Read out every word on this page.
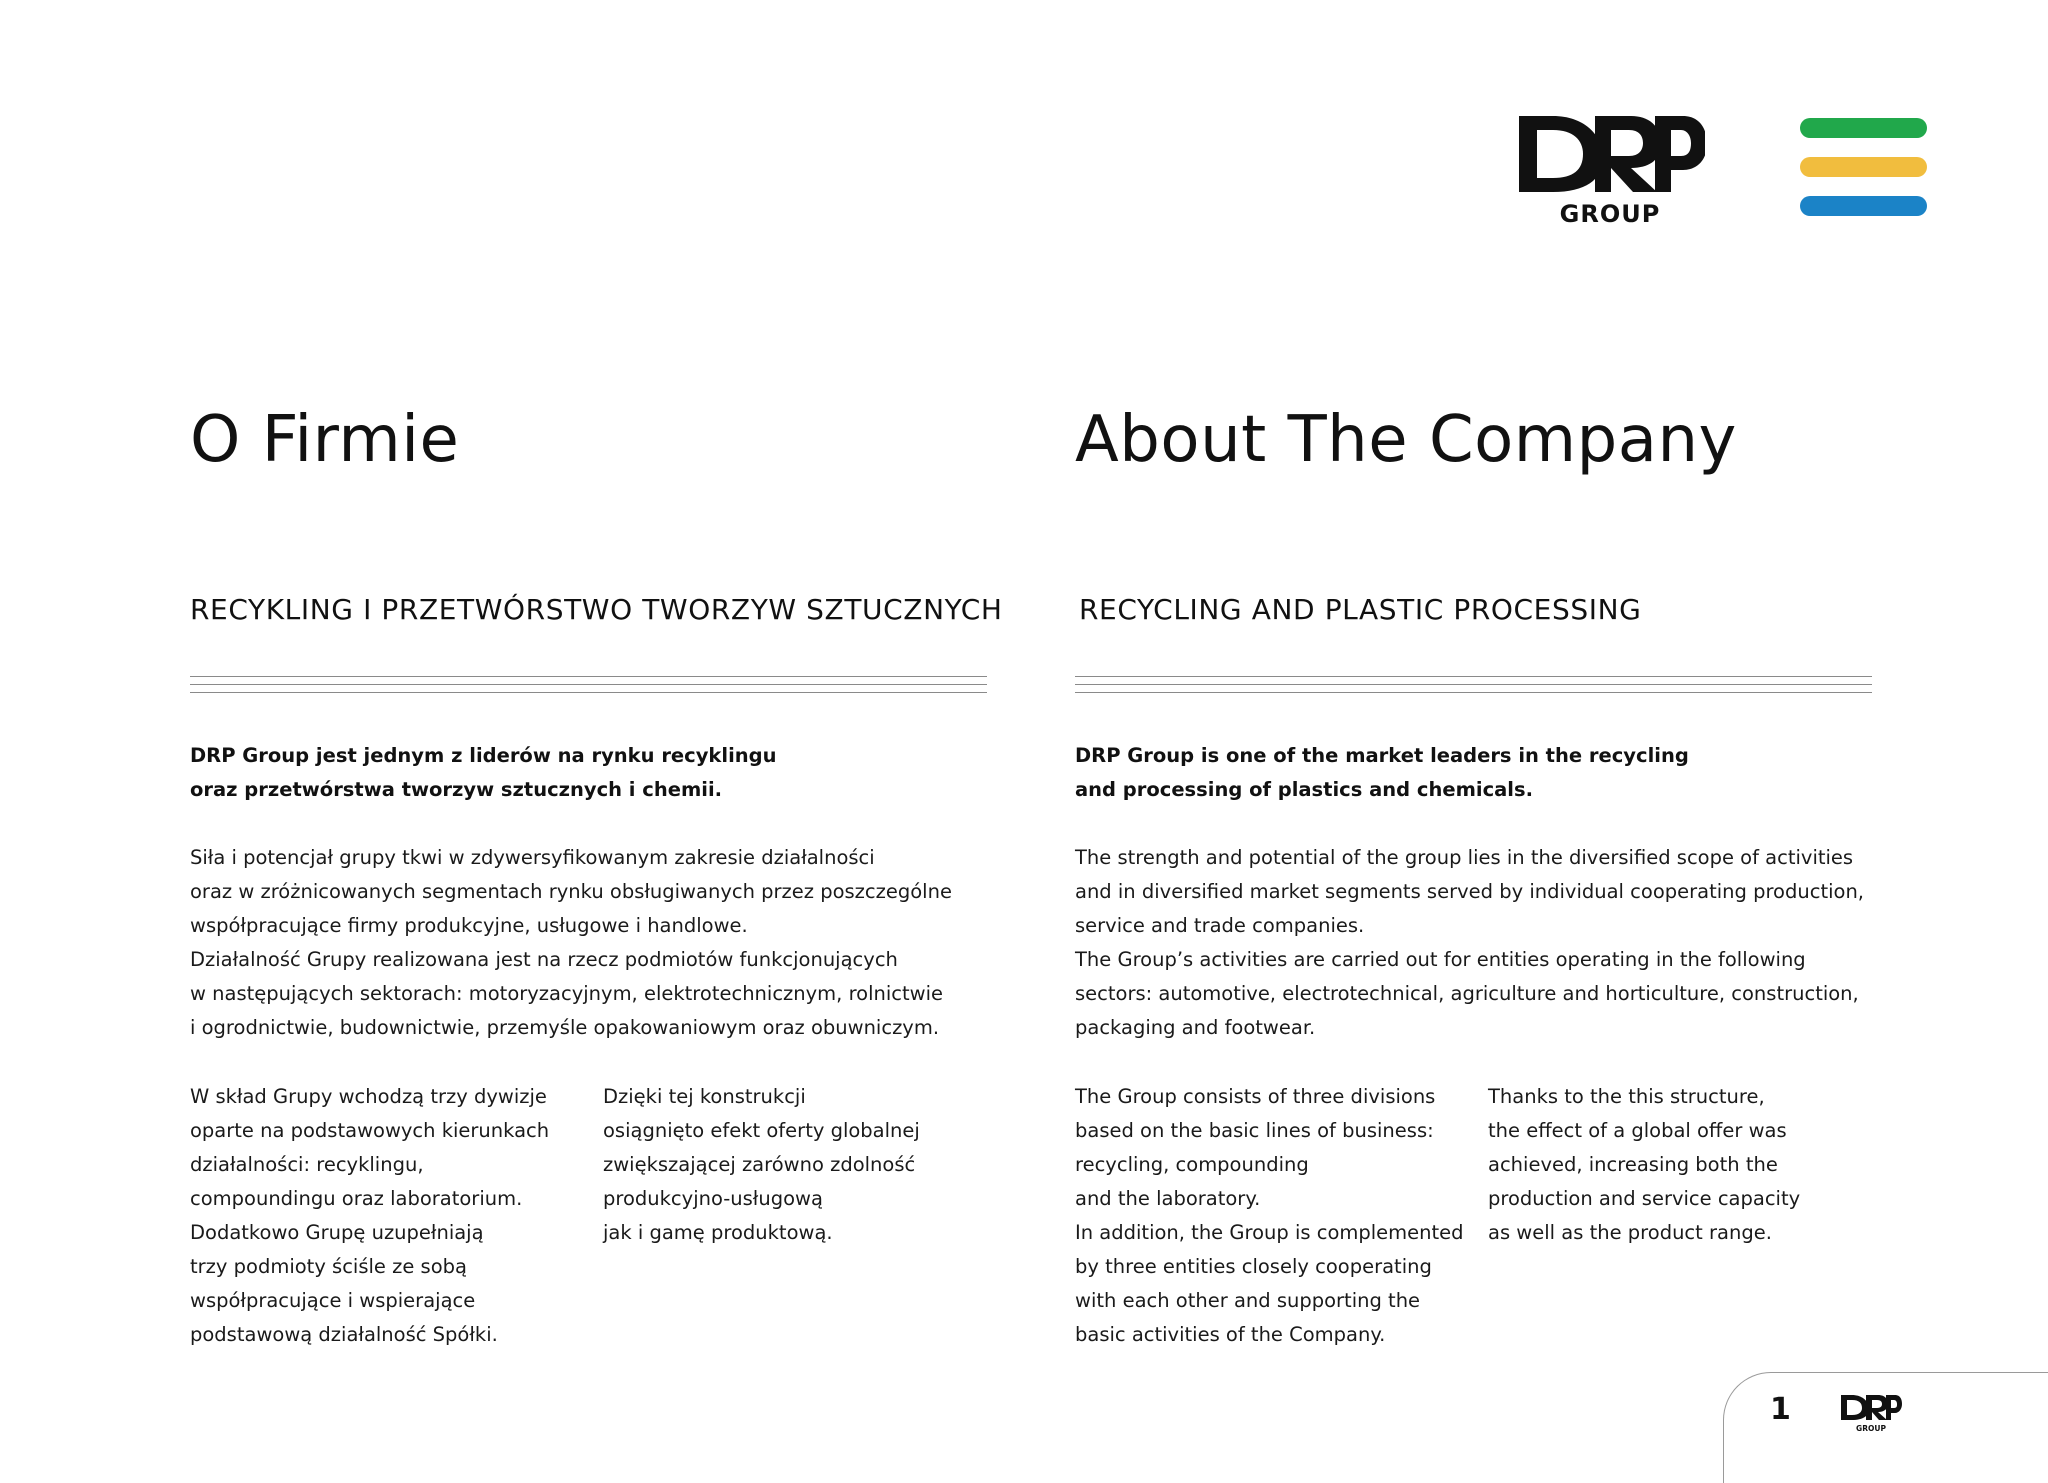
GROUP
O Firmie
RECYKLING I PRZETWÓRSTWO TWORZYW SZTUCZNYCH

DRP Group jest jednym z liderów na rynku recyklingu
oraz przetwórstwa tworzyw sztucznych i chemii.

Siła i potencjał grupy tkwi w zdywersyfikowanym zakresie działalności
oraz w zróżnicowanych segmentach rynku obsługiwanych przez poszczególne
współpracujące firmy produkcyjne, usługowe i handlowe.
Działalność Grupy realizowana jest na rzecz podmiotów funkcjonujących
w następujących sektorach: motoryzacyjnym, elektrotechnicznym, rolnictwie
i ogrodnictwie, budownictwie, przemyśle opakowaniowym oraz obuwniczym.

W skład Grupy wchodzą trzy dywizje
oparte na podstawowych kierunkach
działalności: recyklingu,
compoundingu oraz laboratorium.
Dodatkowo Grupę uzupełniają
trzy podmioty ściśle ze sobą
współpracujące i wspierające
podstawową działalność Spółki.

Dzięki tej konstrukcji
osiągnięto efekt oferty globalnej
zwiększającej zarówno zdolność
produkcyjno-usługową
jak i gamę produktową.

About The Company
RECYCLING AND PLASTIC PROCESSING

DRP Group is one of the market leaders in the recycling
and processing of plastics and chemicals.

The strength and potential of the group lies in the diversified scope of activities
and in diversified market segments served by individual cooperating production,
service and trade companies.
The Group’s activities are carried out for entities operating in the following
sectors: automotive, electrotechnical, agriculture and horticulture, construction,
packaging and footwear.

The Group consists of three divisions
based on the basic lines of business:
recycling, compounding
and the laboratory.
In addition, the Group is complemented
by three entities closely cooperating
with each other and supporting the
basic activities of the Company.

Thanks to the this structure,
the effect of a global offer was
achieved, increasing both the
production and service capacity
as well as the product range.

1
GROUP
